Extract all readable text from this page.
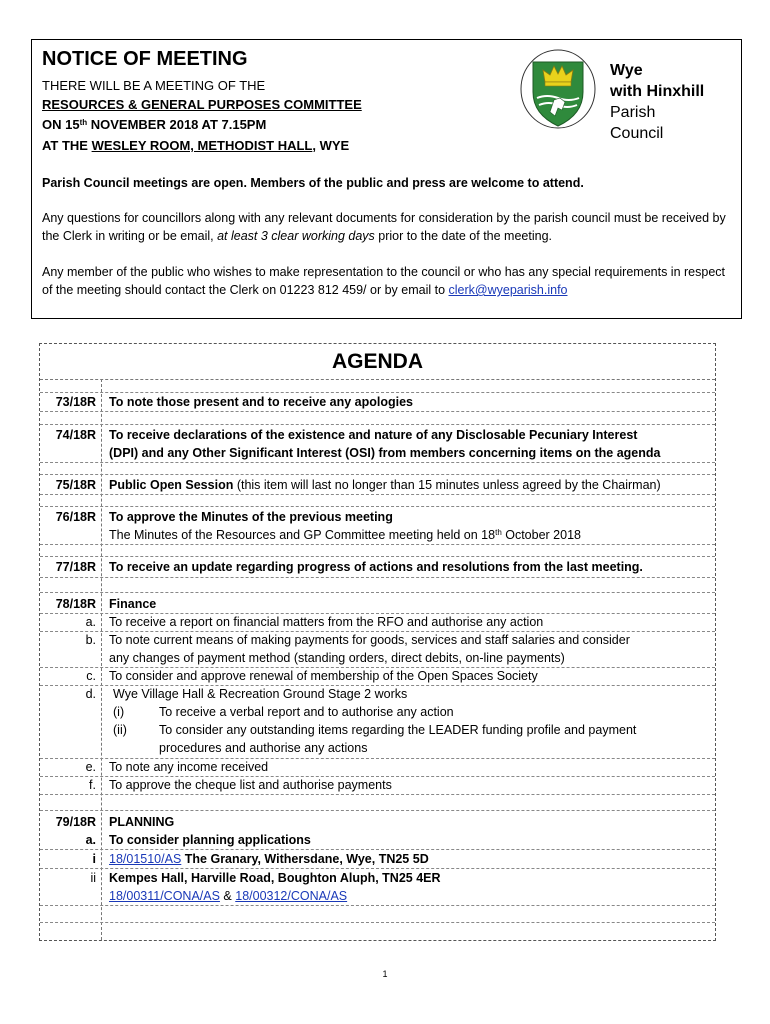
NOTICE OF MEETING
THERE WILL BE A MEETING OF THE
RESOURCES & GENERAL PURPOSES COMMITTEE
ON 15th NOVEMBER 2018 AT 7.15PM
AT THE WESLEY ROOM, METHODIST HALL, WYE
Wye
with Hinxhill
Parish
Council
Parish Council meetings are open. Members of the public and press are welcome to attend.
Any questions for councillors along with any relevant documents for consideration by the parish council must be received by the Clerk in writing or be email, at least 3 clear working days prior to the date of the meeting.
Any member of the public who wishes to make representation to the council or who has any special requirements in respect of the meeting should contact the Clerk on 01223 812 459/ or by email to clerk@wyeparish.info
AGENDA
73/18R To note those present and to receive any apologies
74/18R To receive declarations of the existence and nature of any Disclosable Pecuniary Interest
(DPI) and any Other Significant Interest (OSI) from members concerning items on the agenda
75/18R Public Open Session (this item will last no longer than 15 minutes unless agreed by the Chairman)
76/18R To approve the Minutes of the previous meeting
The Minutes of the Resources and GP Committee meeting held on 18th October 2018
77/18R To receive an update regarding progress of actions and resolutions from the last meeting.
78/18R Finance
a. To receive a report on financial matters from the RFO and authorise any action
b. To note current means of making payments for goods, services and staff salaries and consider
any changes of payment method (standing orders, direct debits, on-line payments)
c. To consider and approve renewal of membership of the Open Spaces Society
d. Wye Village Hall & Recreation Ground Stage 2 works
(i)	To receive a verbal report and to authorise any action
(ii)	To consider any outstanding items regarding the LEADER funding profile and payment
procedures and authorise any actions
e. To note any income received
f. To approve the cheque list and authorise payments
79/18R PLANNING
a. To consider planning applications
i 18/01510/AS The Granary, Withersdane, Wye, TN25 5D
ii Kempes Hall, Harville Road, Boughton Aluph, TN25 4ER
18/00311/CONA/AS & 18/00312/CONA/AS
1
